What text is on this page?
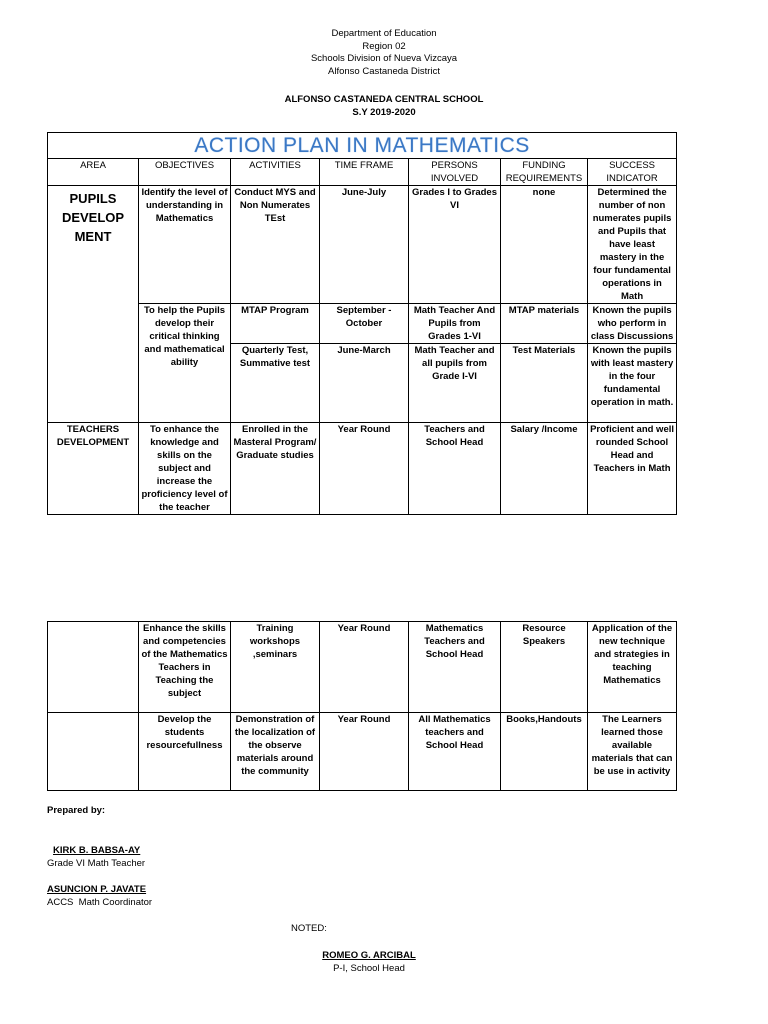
Department of Education
Region 02
Schools Division of Nueva Vizcaya
Alfonso Castaneda District
ALFONSO CASTANEDA CENTRAL SCHOOL
S.Y 2019-2020
ACTION PLAN IN MATHEMATICS						
AREA	OBJECTIVES	ACTIVITIES	TIME FRAME	PERSONS INVOLVED	FUNDING REQUIREMENTS	SUCCESS INDICATOR
PUPILS DEVELOP MENT	Identify the level of understanding in Mathematics	Conduct MYS and Non Numerates TEst	June-July	Grades I to Grades VI	none	Determined the number of non numerates pupils and Pupils that have least mastery in the four fundamental operations in Math
	To help the Pupils develop their critical thinking and mathematical ability	MTAP Program	September - October	Math Teacher And Pupils from Grades 1-VI	MTAP materials	Known the pupils who perform in class Discussions
		Quarterly Test, Summative test	June-March	Math Teacher and all pupils from Grade I-VI	Test Materials	Known the pupils with least mastery in the four fundamental operation in math.
TEACHERS DEVELOPMENT	To enhance the knowledge and skills on the subject and increase the proficiency level of the teacher	Enrolled in the Masteral Program/ Graduate studies	Year Round	Teachers and School Head	Salary /Income	Proficient and well rounded School Head and Teachers in Math
	Enhance the skills and competencies of the Mathematics Teachers in Teaching the subject	Training workshops ,seminars	Year Round	Mathematics Teachers and School Head	Resource Speakers	Application of the new technique and strategies in teaching Mathematics
	Develop the students resourcefullness	Demonstration of the localization of the observe materials around the community	Year Round	All Mathematics teachers and School Head	Books,Handouts	The Learners learned those available materials that can be use in activity
Prepared by:
KIRK B. BABSA-AY
Grade VI Math Teacher
ASUNCION P. JAVATE
ACCS  Math Coordinator
NOTED:
ROMEO G. ARCIBAL
P-I, School Head
